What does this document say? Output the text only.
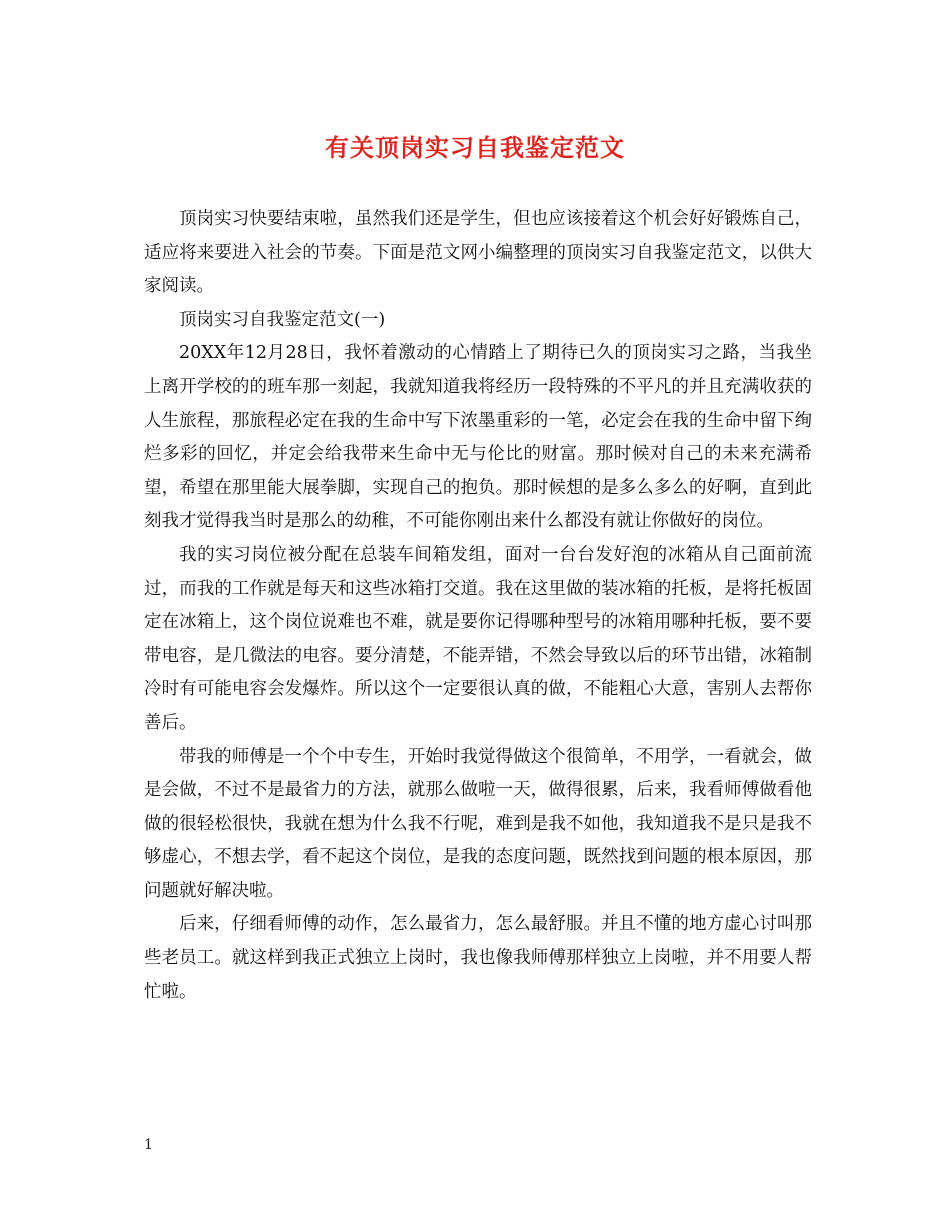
有关顶岗实习自我鉴定范文

顶岗实习快要结束啦，虽然我们还是学生，但也应该接着这个机会好好锻炼自己，适应将来要进入社会的节奏。下面是范文网小编整理的顶岗实习自我鉴定范文，以供大家阅读。

顶岗实习自我鉴定范文(一)

20XX年12月28日，我怀着激动的心情踏上了期待已久的顶岗实习之路，当我坐上离开学校的的班车那一刻起，我就知道我将经历一段特殊的不平凡的并且充满收获的人生旅程，那旅程必定在我的生命中写下浓墨重彩的一笔，必定会在我的生命中留下绚烂多彩的回忆，并定会给我带来生命中无与伦比的财富。那时候对自己的未来充满希望，希望在那里能大展拳脚，实现自己的抱负。那时候想的是多么多么的好啊，直到此刻我才觉得我当时是那么的幼稚，不可能你刚出来什么都没有就让你做好的岗位。

我的实习岗位被分配在总装车间箱发组，面对一台台发好泡的冰箱从自己面前流过，而我的工作就是每天和这些冰箱打交道。我在这里做的装冰箱的托板，是将托板固定在冰箱上，这个岗位说难也不难，就是要你记得哪种型号的冰箱用哪种托板，要不要带电容，是几微法的电容。要分清楚，不能弄错，不然会导致以后的环节出错，冰箱制冷时有可能电容会发爆炸。所以这个一定要很认真的做，不能粗心大意，害别人去帮你善后。

带我的师傅是一个个中专生，开始时我觉得做这个很简单，不用学，一看就会，做是会做，不过不是最省力的方法，就那么做啦一天，做得很累，后来，我看师傅做看他做的很轻松很快，我就在想为什么我不行呢，难到是我不如他，我知道我不是只是我不够虚心，不想去学，看不起这个岗位，是我的态度问题，既然找到问题的根本原因，那问题就好解决啦。

后来，仔细看师傅的动作，怎么最省力，怎么最舒服。并且不懂的地方虚心讨叫那些老员工。就这样到我正式独立上岗时，我也像我师傅那样独立上岗啦，并不用要人帮忙啦。

1
